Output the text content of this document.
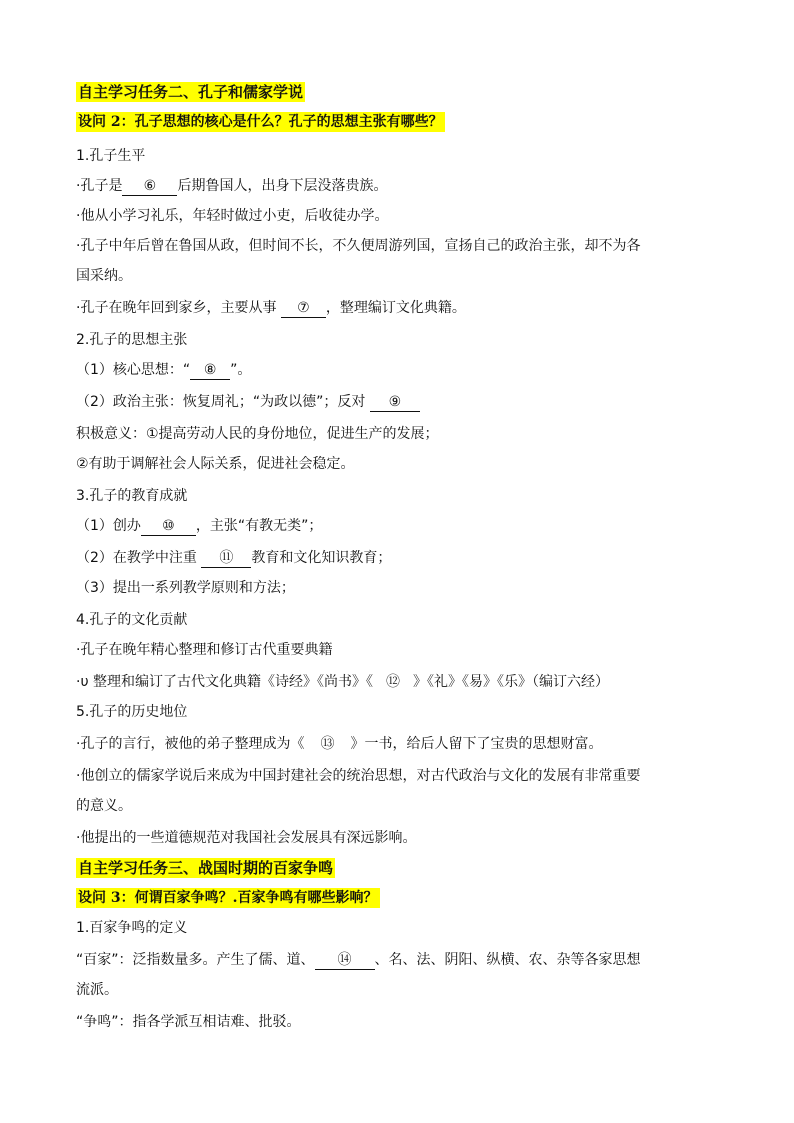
自主学习任务二、孔子和儒家学说
设问 2：孔子思想的核心是什么？孔子的思想主张有哪些？
1.孔子生平
·孔子是 ⑥ 后期鲁国人，出身下层没落贵族。
·他从小学习礼乐，年轻时做过小吏，后收徒办学。
·孔子中年后曾在鲁国从政，但时间不长，不久便周游列国，宣扬自己的政治主张，却不为各
国采纳。
·孔子在晚年回到家乡，主要从事 ⑦ ，整理编订文化典籍。
2.孔子的思想主张
（1）核心思想：“ ⑧ ”。
（2）政治主张：恢复周礼；“为政以德”；反对 ⑨
积极意义：①提高劳动人民的身份地位，促进生产的发展；
②有助于调解社会人际关系，促进社会稳定。
3.孔子的教育成就
（1）创办 ⑩ ，主张“有教无类”；
（2）在教学中注重 ⑪ 教育和文化知识教育；
（3）提出一系列教学原则和方法；
4.孔子的文化贡献
·孔子在晚年精心整理和修订古代重要典籍
·υ 整理和编订了古代文化典籍《诗经》《尚书》《 ⑫ 》《礼》《易》《乐》（编订六经）
5.孔子的历史地位
·孔子的言行，被他的弟子整理成为《 ⑬ 》一书，给后人留下了宝贵的思想财富。
·他创立的儒家学说后来成为中国封建社会的统治思想，对古代政治与文化的发展有非常重要
的意义。
·他提出的一些道德规范对我国社会发展具有深远影响。
自主学习任务三、战国时期的百家争鸣
设问 3：何谓百家争鸣？.百家争鸣有哪些影响？
1.百家争鸣的定义
“百家”：泛指数量多。产生了儒、道、 ⑭ 、名、法、阴阳、纵横、农、杂等各家思想
流派。
“争鸣”：指各学派互相诘难、批驳。
